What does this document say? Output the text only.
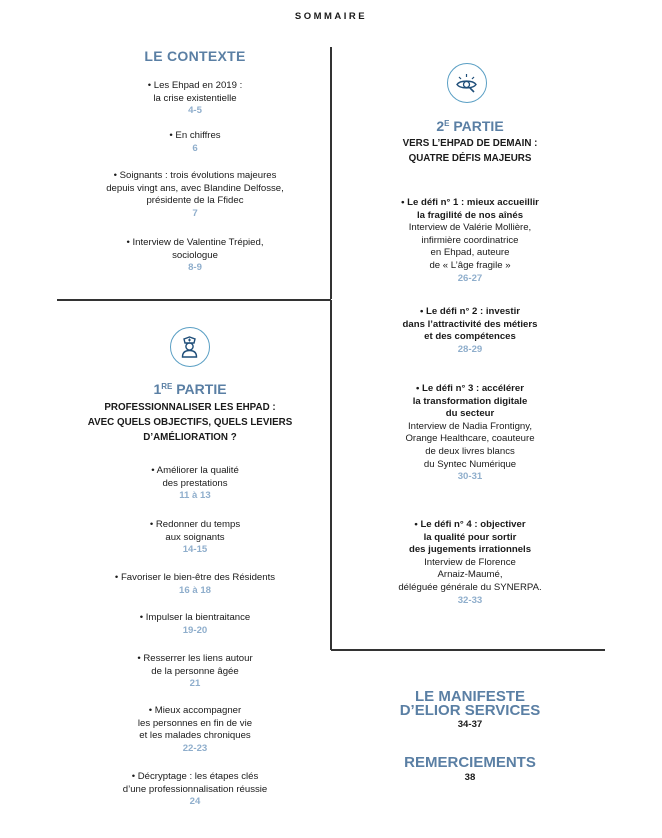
SOMMAIRE
LE CONTEXTE
• Les Ehpad en 2019 :
la crise existentielle
4-5
• En chiffres
6
• Soignants : trois évolutions majeures
depuis vingt ans, avec Blandine Delfosse,
présidente de la Ffidec
7
• Interview de Valentine Trépied,
sociologue
8-9
1RE PARTIE
PROFESSIONNALISER LES EHPAD :
AVEC QUELS OBJECTIFS, QUELS LEVIERS
D’AMÉLIORATION ?
• Améliorer la qualité
des prestations
11 à 13
• Redonner du temps
aux soignants
14-15
• Favoriser le bien-être des Résidents
16 à 18
• Impulser la bientraitance
19-20
• Resserrer les liens autour
de la personne âgée
21
• Mieux accompagner
les personnes en fin de vie
et les malades chroniques
22-23
• Décryptage : les étapes clés
d’une professionnalisation réussie
24
$2^E$ PARTIE
VERS L’EHPAD DE DEMAIN :
QUATRE DÉFIS MAJEURS
• Le défi n° 1 : mieux accueillir
la fragilité de nos aînés
Interview de Valérie Mollière,
infirmière coordinatrice
en Ehpad, auteure
de « L’âge fragile »
26-27
• Le défi n° 2 : investir
dans l’attractivité des métiers
et des compétences
28-29
• Le défi n° 3 : accélérer
la transformation digitale
du secteur
Interview de Nadia Frontigny,
Orange Healthcare, coauteure
de deux livres blancs
du Syntec Numérique
30-31
• Le défi n° 4 : objectiver
la qualité pour sortir
des jugements irrationnels
Interview de Florence
Arnaiz-Maumé,
déléguée générale du SYNERPA.
32-33
LE MANIFESTE
D’ELIOR SERVICES
34-37
REMERCIEMENTS
38
